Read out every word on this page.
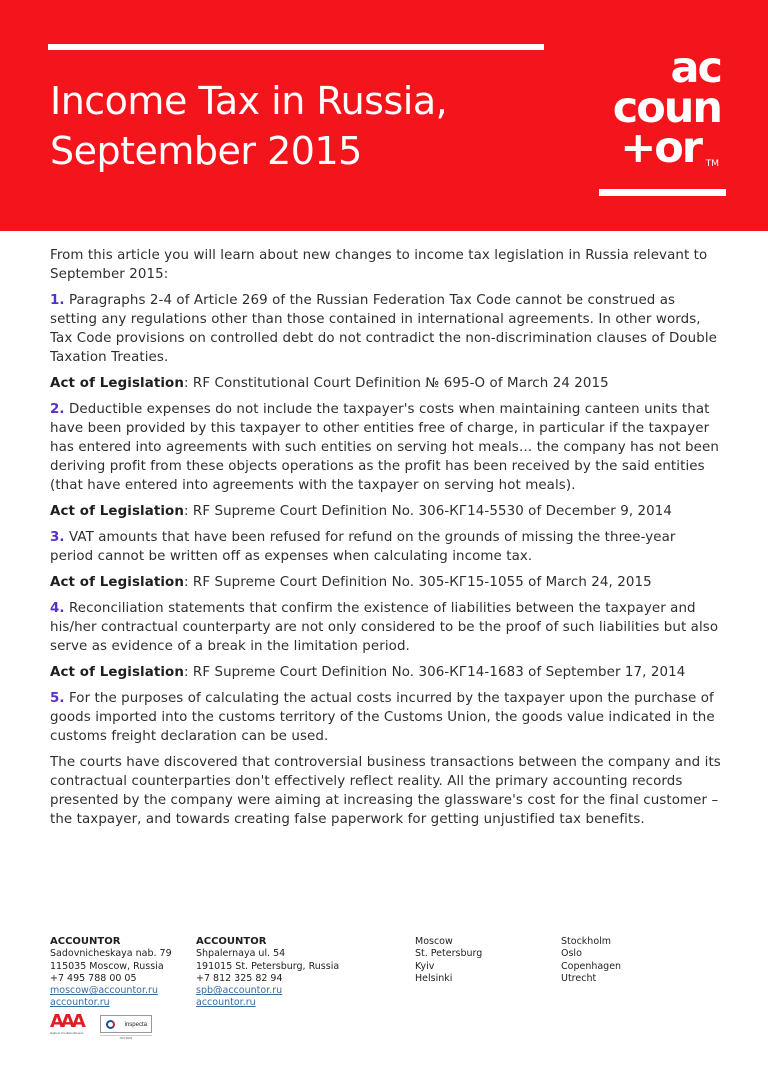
Income Tax in Russia,
September 2015
ac
coun
+or TM

From this article you will learn about new changes to income tax legislation in Russia relevant to September 2015:

1. Paragraphs 2-4 of Article 269 of the Russian Federation Tax Code cannot be construed as setting any regulations other than those contained in international agreements. In other words, Tax Code provisions on controlled debt do not contradict the non-discrimination clauses of Double Taxation Treaties.

Act of Legislation: RF Constitutional Court Definition № 695-О of March 24 2015

2. Deductible expenses do not include the taxpayer's costs when maintaining canteen units that have been provided by this taxpayer to other entities free of charge, in particular if the taxpayer has entered into agreements with such entities on serving hot meals… the company has not been deriving profit from these objects operations as the profit has been received by the said entities (that have entered into agreements with the taxpayer on serving hot meals).

Act of Legislation: RF Supreme Court Definition No. 306-КГ14-5530 of December 9, 2014

3. VAT amounts that have been refused for refund on the grounds of missing the three-year period cannot be written off as expenses when calculating income tax.

Act of Legislation: RF Supreme Court Definition No. 305-КГ15-1055 of March 24, 2015

4. Reconciliation statements that confirm the existence of liabilities between the taxpayer and his/her contractual counterparty are not only considered to be the proof of such liabilities but also serve as evidence of a break in the limitation period.

Act of Legislation: RF Supreme Court Definition No. 306-КГ14-1683 of September 17, 2014

5. For the purposes of calculating the actual costs incurred by the taxpayer upon the purchase of goods imported into the customs territory of the Customs Union, the goods value indicated in the customs freight declaration can be used.

The courts have discovered that controversial business transactions between the company and its contractual counterparties don't effectively reflect reality. All the primary accounting records presented by the company were aiming at increasing the glassware's cost for the final customer – the taxpayer, and towards creating false paperwork for getting unjustified tax benefits.

ACCOUNTOR
Sadovnicheskaya nab. 79
115035 Moscow, Russia
+7 495 788 00 05
moscow@accountor.ru
accountor.ru
ACCOUNTOR
Shpalernaya ul. 54
191015 St. Petersburg, Russia
+7 812 325 82 94
spb@accountor.ru
accountor.ru
Moscow
St. Petersburg
Kyiv
Helsinki
Stockholm
Oslo
Copenhagen
Utrecht
AAA
Highest Creditworthiness
inspecta
ISO 9001
